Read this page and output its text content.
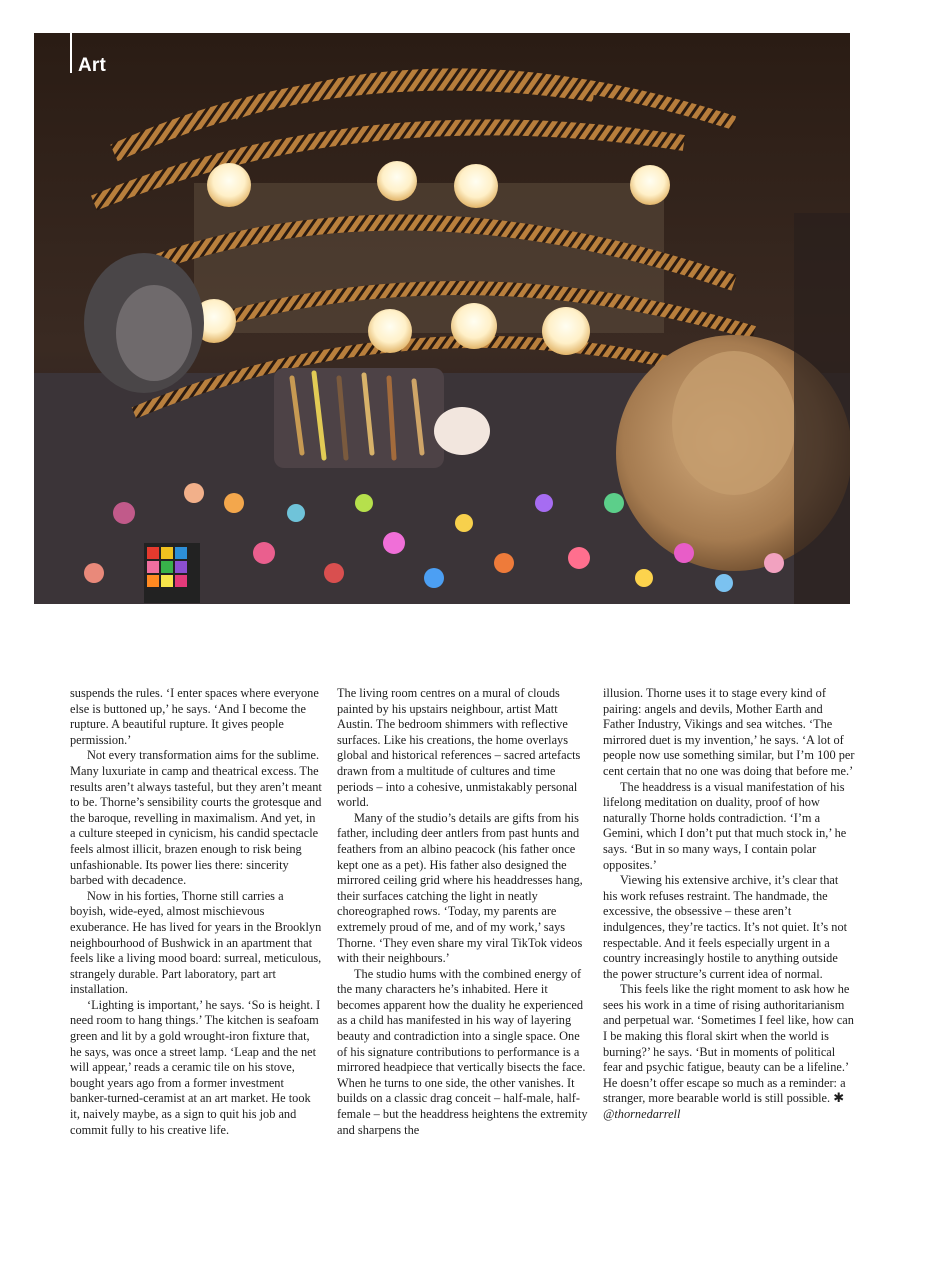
Art

suspends the rules. ‘I enter spaces where everyone else is buttoned up,’ he says. ‘And I become the rupture. A beautiful rupture. It gives people permission.’

Not every transformation aims for the sublime. Many luxuriate in camp and theatrical excess. The results aren’t always tasteful, but they aren’t meant to be. Thorne’s sensibility courts the grotesque and the baroque, revelling in maximalism. And yet, in a culture steeped in cynicism, his candid spectacle feels almost illicit, brazen enough to risk being unfashionable. Its power lies there: sincerity barbed with decadence.

Now in his forties, Thorne still carries a boyish, wide-eyed, almost mischievous exuberance. He has lived for years in the Brooklyn neighbourhood of Bushwick in an apartment that feels like a living mood board: surreal, meticulous, strangely durable. Part laboratory, part art installation.

‘Lighting is important,’ he says. ‘So is height. I need room to hang things.’ The kitchen is seafoam green and lit by a gold wrought-iron fixture that, he says, was once a street lamp. ‘Leap and the net will appear,’ reads a ceramic tile on his stove, bought years ago from a former investment banker-turned-ceramist at an art market. He took it, naively maybe, as a sign to quit his job and commit fully to his creative life.

The living room centres on a mural of clouds painted by his upstairs neighbour, artist Matt Austin. The bedroom shimmers with reflective surfaces. Like his creations, the home overlays global and historical references – sacred artefacts drawn from a multitude of cultures and time periods – into a cohesive, unmistakably personal world.

Many of the studio’s details are gifts from his father, including deer antlers from past hunts and feathers from an albino peacock (his father once kept one as a pet). His father also designed the mirrored ceiling grid where his headdresses hang, their surfaces catching the light in neatly choreographed rows. ‘Today, my parents are extremely proud of me, and of my work,’ says Thorne. ‘They even share my viral TikTok videos with their neighbours.’

The studio hums with the combined energy of the many characters he’s inhabited. Here it becomes apparent how the duality he experienced as a child has manifested in his way of layering beauty and contradiction into a single space. One of his signature contributions to performance is a mirrored headpiece that vertically bisects the face. When he turns to one side, the other vanishes. It builds on a classic drag conceit – half-male, half-female – but the headdress heightens the extremity and sharpens the

illusion. Thorne uses it to stage every kind of pairing: angels and devils, Mother Earth and Father Industry, Vikings and sea witches. ‘The mirrored duet is my invention,’ he says. ‘A lot of people now use something similar, but I’m 100 per cent certain that no one was doing that before me.’

The headdress is a visual manifestation of his lifelong meditation on duality, proof of how naturally Thorne holds contradiction. ‘I’m a Gemini, which I don’t put that much stock in,’ he says. ‘But in so many ways, I contain polar opposites.’

Viewing his extensive archive, it’s clear that his work refuses restraint. The handmade, the excessive, the obsessive – these aren’t indulgences, they’re tactics. It’s not quiet. It’s not respectable. And it feels especially urgent in a country increasingly hostile to anything outside the power structure’s current idea of normal.

This feels like the right moment to ask how he sees his work in a time of rising authoritarianism and perpetual war. ‘Sometimes I feel like, how can I be making this floral skirt when the world is burning?’ he says. ‘But in moments of political fear and psychic fatigue, beauty can be a lifeline.’ He doesn’t offer escape so much as a reminder: a stranger, more bearable world is still possible. ✱ @thornedarrell
